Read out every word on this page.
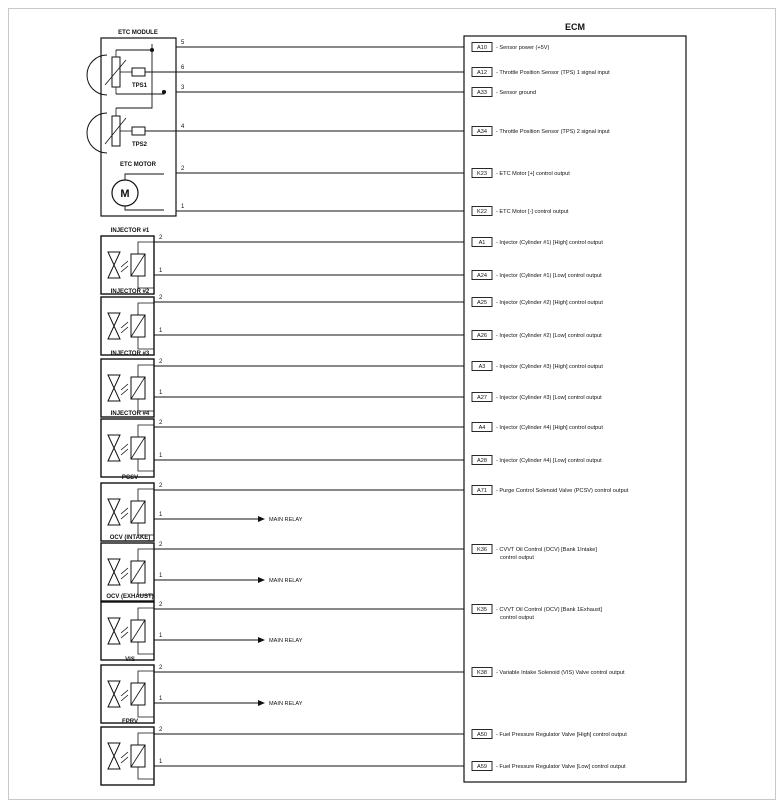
ECM
ETC MODULE
TPS1
TPS2
ETC MOTOR
M
INJECTOR #1
INJECTOR #2
INJECTOR #3
INJECTOR #4
PCSV
OCV (INTAKE)
OCV (EXHAUST)
VIS
FPRV
5
A10 - Sensor power (+5V)
6
A12 - Throttle Position Sensor (TPS) 1 signal input
3
A33 - Sensor ground
4
A34 - Throttle Position Sensor (TPS) 2 signal input
2
K23 - ETC Motor [+] control output
1
K22 - ETC Motor [-] control output
2
A1 - Injector (Cylinder #1) [High] control output
1
A24 - Injector (Cylinder #1) [Low] control output
2
A25 - Injector (Cylinder #2) [High] control output
1
A26 - Injector (Cylinder #2) [Low] control output
2
A3 - Injector (Cylinder #3) [High] control output
1
A27 - Injector (Cylinder #3) [Low] control output
2
A4 - Injector (Cylinder #4) [High] control output
1
A28 - Injector (Cylinder #4) [Low] control output
2
A71 - Purge Control Solenoid Valve (PCSV) control output
1
MAIN RELAY
2
K36 - CVVT Oil Control (OCV) [Bank 1Intake]
control output
1
MAIN RELAY
2
K35 - CVVT Oil Control (OCV) [Bank 1Exhaust]
control output
1
MAIN RELAY
2
K38 - Variable Intake Solenoid (VIS) Valve control output
1
MAIN RELAY
2
A50 - Fuel Pressure Regulator Valve [High] control output
1
A59 - Fuel Pressure Regulator Valve [Low] control output
